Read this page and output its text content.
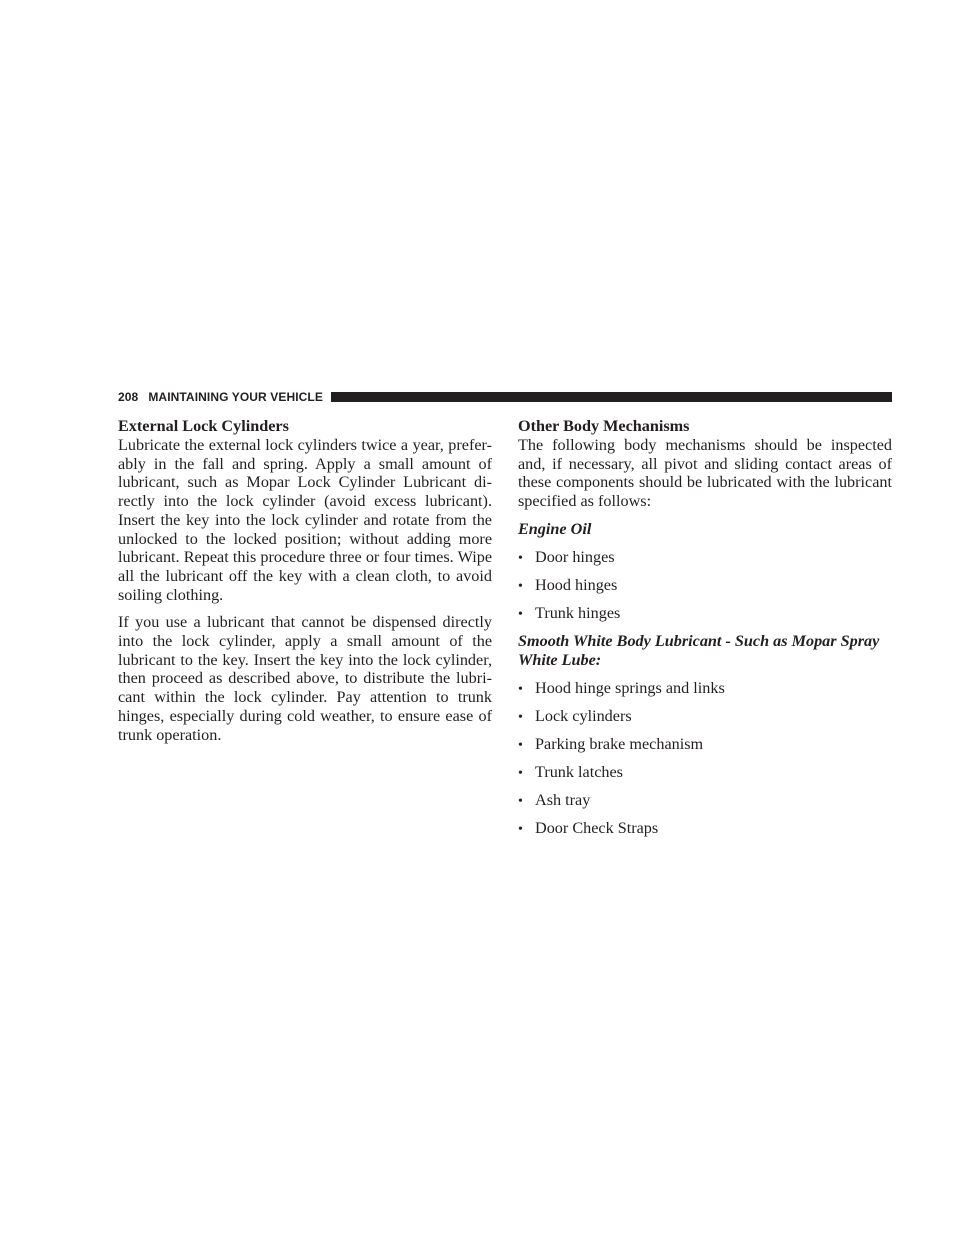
208 MAINTAINING YOUR VEHICLE
External Lock Cylinders

Lubricate the external lock cylinders twice a year, prefer-ably in the fall and spring. Apply a small amount of lubricant, such as Mopar Lock Cylinder Lubricant di-rectly into the lock cylinder (avoid excess lubricant). Insert the key into the lock cylinder and rotate from the unlocked to the locked position; without adding more lubricant. Repeat this procedure three or four times. Wipe all the lubricant off the key with a clean cloth, to avoid soiling clothing.

If you use a lubricant that cannot be dispensed directly into the lock cylinder, apply a small amount of the lubricant to the key. Insert the key into the lock cylinder, then proceed as described above, to distribute the lubri-cant within the lock cylinder. Pay attention to trunk hinges, especially during cold weather, to ensure ease of trunk operation.

Other Body Mechanisms

The following body mechanisms should be inspected and, if necessary, all pivot and sliding contact areas of these components should be lubricated with the lubricant specified as follows:

Engine Oil
• Door hinges
• Hood hinges
• Trunk hinges
Smooth White Body Lubricant - Such as Mopar Spray White Lube:
• Hood hinge springs and links
• Lock cylinders
• Parking brake mechanism
• Trunk latches
• Ash tray
• Door Check Straps
